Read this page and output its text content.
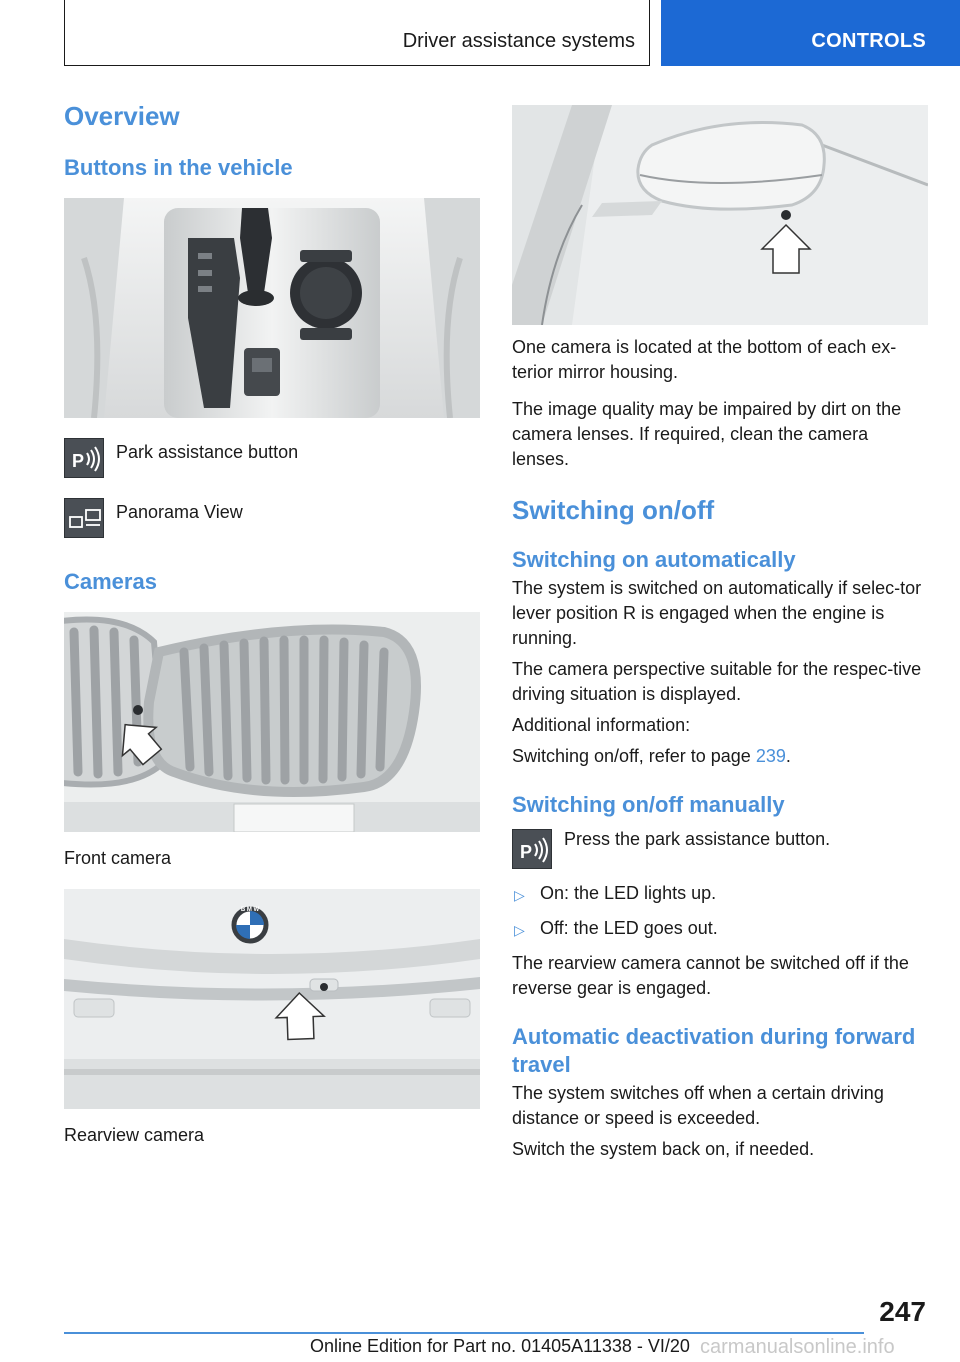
Driver assistance systems	CONTROLS
Overview
Buttons in the vehicle
P Park assistance button
Panorama View
Cameras
Front camera
B M W
Rearview camera
One camera is located at the bottom of each ex-terior mirror housing.
The image quality may be impaired by dirt on the camera lenses. If required, clean the camera lenses.
Switching on/off
Switching on automatically
The system is switched on automatically if selec-tor lever position R is engaged when the engine is running.
The camera perspective suitable for the respec-tive driving situation is displayed.
Additional information:
Switching on/off, refer to page 239.
Switching on/off manually
P
Press the park assistance button.
▷ On: the LED lights up.
▷ Off: the LED goes out.
The rearview camera cannot be switched off if the reverse gear is engaged.
Automatic deactivation during forward travel
The system switches off when a certain driving distance or speed is exceeded.
Switch the system back on, if needed.
247
Online Edition for Part no. 01405A11338 - VI/20 carmanualsonline.info
